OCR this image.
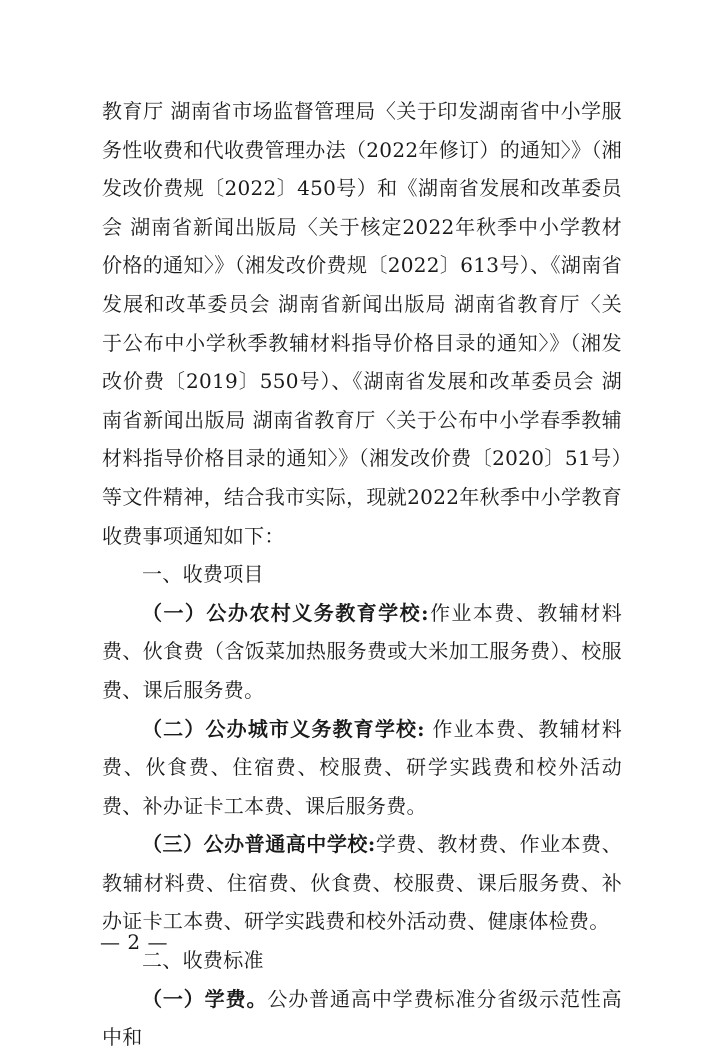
教育厅 湖南省市场监督管理局〈关于印发湖南省中小学服务性收费和代收费管理办法（2022年修订）的通知〉》（湘发改价费规〔2022〕450号）和《湖南省发展和改革委员会 湖南省新闻出版局〈关于核定2022年秋季中小学教材价格的通知〉》（湘发改价费规〔2022〕613号）、《湖南省发展和改革委员会 湖南省新闻出版局 湖南省教育厅〈关于公布中小学秋季教辅材料指导价格目录的通知〉》（湘发改价费〔2019〕550号）、《湖南省发展和改革委员会 湖南省新闻出版局 湖南省教育厅〈关于公布中小学春季教辅材料指导价格目录的通知〉》（湘发改价费〔2020〕51号）等文件精神，结合我市实际，现就2022年秋季中小学教育收费事项通知如下：

一、收费项目

（一）公办农村义务教育学校:作业本费、教辅材料费、伙食费（含饭菜加热服务费或大米加工服务费）、校服费、课后服务费。

（二）公办城市义务教育学校: 作业本费、教辅材料费、伙食费、住宿费、校服费、研学实践费和校外活动费、补办证卡工本费、课后服务费。

（三）公办普通高中学校:学费、教材费、作业本费、教辅材料费、住宿费、伙食费、校服费、课后服务费、补办证卡工本费、研学实践费和校外活动费、健康体检费。

二、收费标准

（一）学费。公办普通高中学费标准分省级示范性高中和

— 2 —
